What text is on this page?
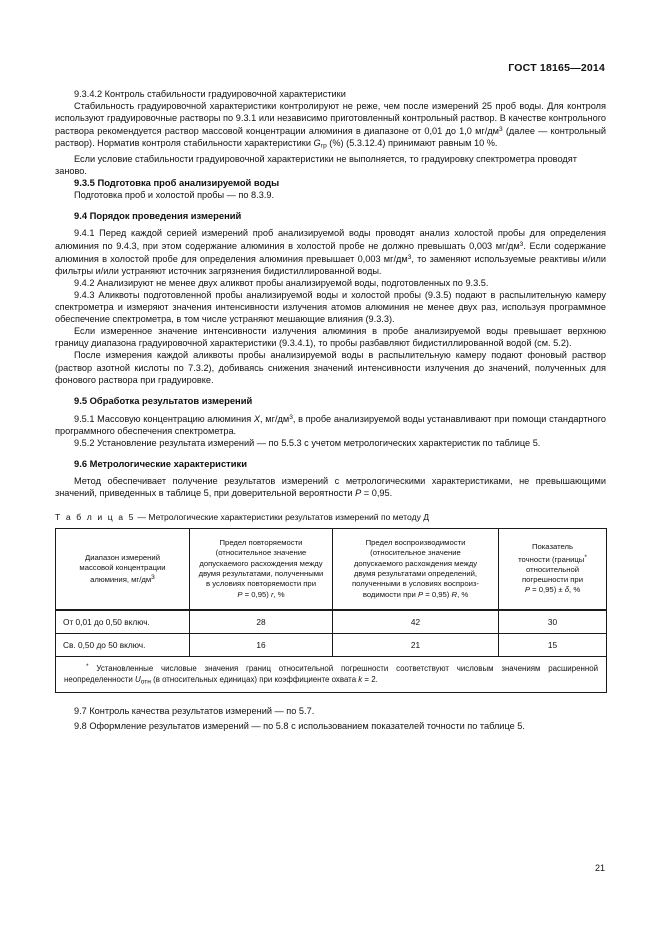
ГОСТ 18165—2014

9.3.4.2 Контроль стабильности градуировочной характеристики

Стабильность градуировочной характеристики контролируют не реже, чем после измерений 25 проб воды. Для контроля используют градуировочные растворы по 9.3.1 или независимо приготовленный контрольный раствор. В качестве контрольного раствора рекомендуется раствор массовой концентрации алюминия в диапазоне от 0,01 до 1,0 $мг/дм^3$ (далее — контрольный раствор). Норматив контроля стабильности характеристики $G_{гр}$ (%) (5.3.12.4) принимают равным 10 %.

Если условие стабильности градуировочной характеристики не выполняется, то градуировку спектрометра проводят заново.

9.3.5 Подготовка проб анализируемой воды

Подготовка проб и холостой пробы — по 8.3.9.

9.4 Порядок проведения измерений

9.4.1 Перед каждой серией измерений проб анализируемой воды проводят анализ холостой пробы для определения алюминия по 9.4.3, при этом содержание алюминия в холостой пробе не должно превышать 0,003 $мг/дм^3$. Если содержание алюминия в холостой пробе для определения алюминия превышает 0,003 $мг/дм^3$, то заменяют используемые реактивы и/или фильтры и/или устраняют источник загрязнения бидистиллированной воды.

9.4.2 Анализируют не менее двух аликвот пробы анализируемой воды, подготовленных по 9.3.5.

9.4.3 Аликвоты подготовленной пробы анализируемой воды и холостой пробы (9.3.5) подают в распылительную камеру спектрометра и измеряют значения интенсивности излучения атомов алюминия не менее двух раз, используя программное обеспечение спектрометра, в том числе устраняют мешающие влияния (9.3.3).

Если измеренное значение интенсивности излучения алюминия в пробе анализируемой воды превышает верхнюю границу диапазона градуировочной характеристики (9.3.4.1), то пробы разбавляют бидистиллированной водой (см. 5.2).

После измерения каждой аликвоты пробы анализируемой воды в распылительную камеру подают фоновый раствор (раствор азотной кислоты по 7.3.2), добиваясь снижения значений интенсивности излучения до значений, полученных для фонового раствора при градуировке.

9.5 Обработка результатов измерений

9.5.1 Массовую концентрацию алюминия X, $мг/дм^3$, в пробе анализируемой воды устанавливают при помощи стандартного программного обеспечения спектрометра.

9.5.2 Установление результата измерений — по 5.5.3 с учетом метрологических характеристик по таблице 5.

9.6 Метрологические характеристики

Метод обеспечивает получение результатов измерений с метрологическими характеристиками, не превышающими значений, приведенных в таблице 5, при доверительной вероятности P = 0,95.

Т а б л и ц а 5 — Метрологические характеристики результатов измерений по методу Д

Диапазон измерений
массовой концентрации
алюминия, $мг/дм^3$	Предел повторяемости
(относительное значение
допускаемого расхождения между
двумя результатами, полученными
в условиях повторяемости при
P = 0,95) r, %	Предел воспроизводимости
(относительное значение
допускаемого расхождения между
двумя результатами определений,
полученными в условиях воспроиз-
водимости при P = 0,95) R, %	Показатель
точности (границы*
относительной
погрешности при
P = 0,95) ± δ, %
От 0,01 до 0,50 включ.	28	42	30
Св. 0,50 до 50 включ.	16	21	15
* Установленные числовые значения границ относительной погрешности соответствуют числовым значениям расширенной неопределенности $U_{отн}$ (в относительных единицах) при коэффициенте охвата k = 2.			

9.7 Контроль качества результатов измерений — по 5.7.

9.8 Оформление результатов измерений — по 5.8 с использованием показателей точности по таблице 5.

21
